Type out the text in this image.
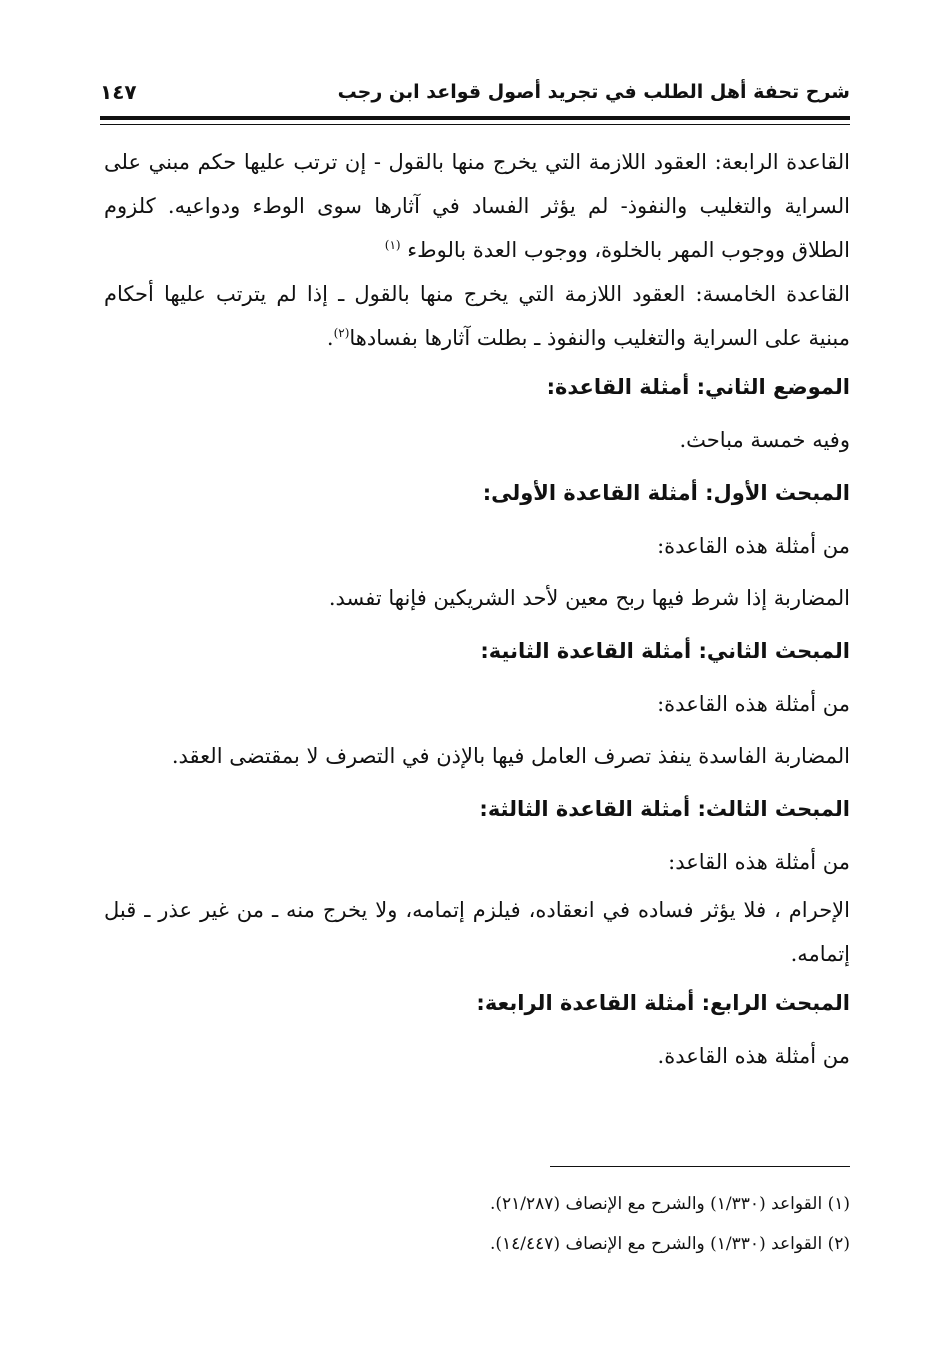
شرح تحفة أهل الطلب في تجريد أصول قواعد ابن رجب
١٤٧

القاعدة الرابعة: العقود اللازمة التي يخرج منها بالقول - إن ترتب عليها حكم مبني على السراية والتغليب والنفوذ- لم يؤثر الفساد في آثارها سوى الوطء ودواعيه. كلزوم الطلاق ووجوب المهر بالخلوة، ووجوب العدة بالوطء $^{(١)}$

القاعدة الخامسة: العقود اللازمة التي يخرج منها بالقول ـ إذا لم يترتب عليها أحكام مبنية على السراية والتغليب والنفوذ ـ بطلت آثارها بفسادها$^{(٢)}$.

الموضع الثاني: أمثلة القاعدة:

وفيه خمسة مباحث.

المبحث الأول: أمثلة القاعدة الأولى:

من أمثلة هذه القاعدة:

المضاربة إذا شرط فيها ربح معين لأحد الشريكين فإنها تفسد.

المبحث الثاني: أمثلة القاعدة الثانية:

من أمثلة هذه القاعدة:

المضاربة الفاسدة ينفذ تصرف العامل فيها بالإذن في التصرف لا بمقتضى العقد.

المبحث الثالث: أمثلة القاعدة الثالثة:

من أمثلة هذه القاعد:

الإحرام ، فلا يؤثر فساده في انعقاده، فيلزم إتمامه، ولا يخرج منه ـ من غير عذر ـ قبل إتمامه.

المبحث الرابع: أمثلة القاعدة الرابعة:

من أمثلة هذه القاعدة.

(١) القواعد (١/٣٣٠) والشرح مع الإنصاف (٢١/٢٨٧).

(٢) القواعد (١/٣٣٠) والشرح مع الإنصاف (١٤/٤٤٧).
